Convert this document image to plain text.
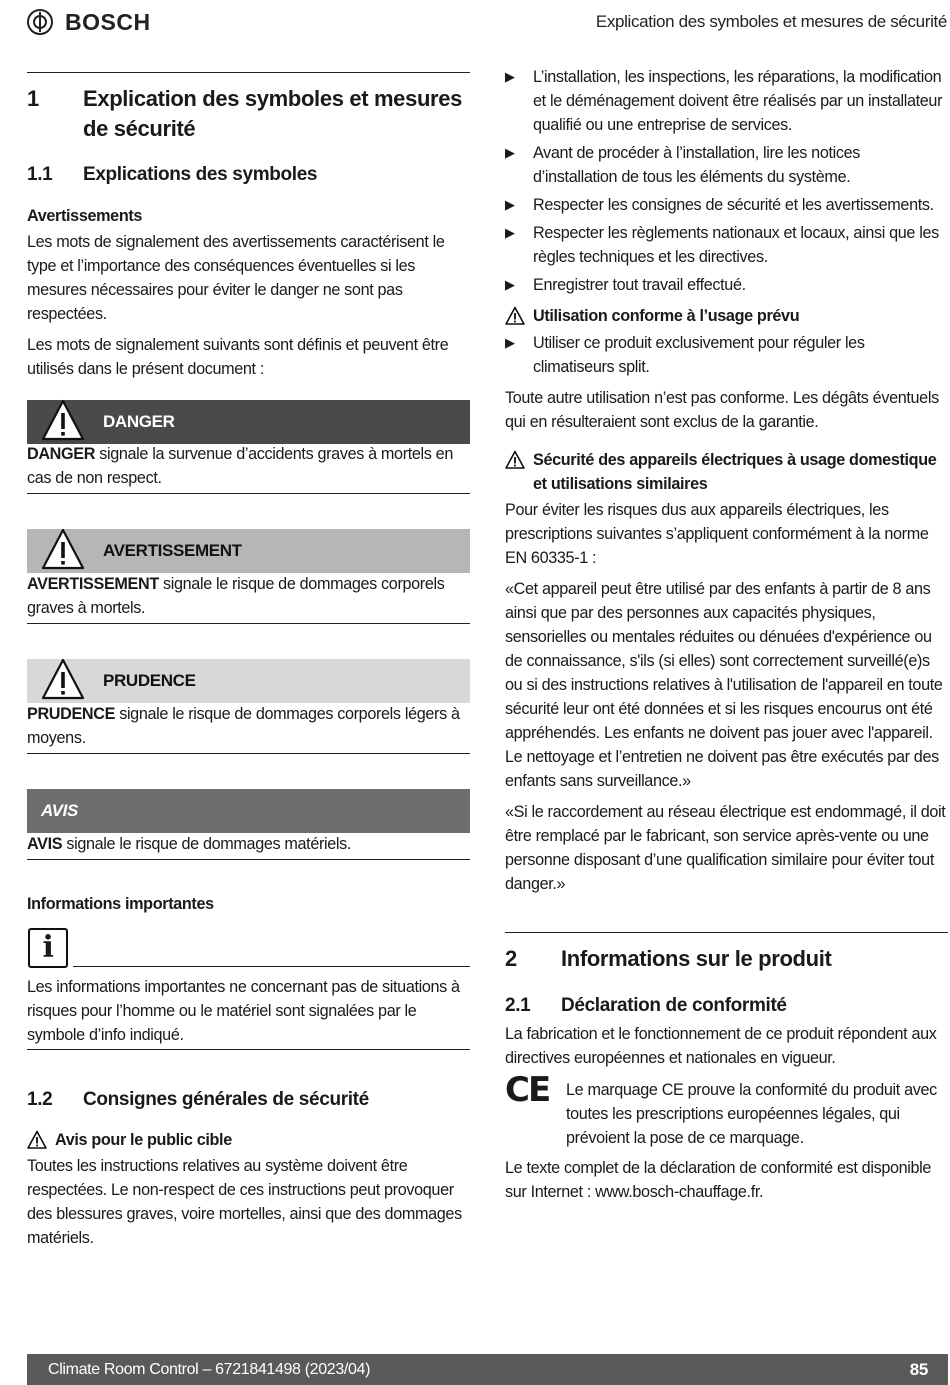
BOSCH	Explication des symboles et mesures de sécurité
1	Explication des symboles et mesures de sécurité
1.1	Explications des symboles
Avertissements

Les mots de signalement des avertissements caractérisent le type et l’importance des conséquences éventuelles si les mesures nécessaires pour éviter le danger ne sont pas respectées.

Les mots de signalement suivants sont définis et peuvent être utilisés dans le présent document :

DANGER

DANGER signale la survenue d’accidents graves à mortels en cas de non respect.

AVERTISSEMENT

AVERTISSEMENT signale le risque de dommages corporels graves à mortels.

PRUDENCE

PRUDENCE signale le risque de dommages corporels légers à moyens.

AVIS

AVIS signale le risque de dommages matériels.

Informations importantes
i

Les informations importantes ne concernant pas de situations à risques pour l’homme ou le matériel sont signalées par le symbole d’info indiqué.

1.2	Consignes générales de sécurité
Avis pour le public cible

Toutes les instructions relatives au système doivent être respectées. Le non-respect de ces instructions peut provoquer des blessures graves, voire mortelles, ainsi que des dommages matériels.

▶	L’installation, les inspections, les réparations, la modification et le déménagement doivent être réalisés par un installateur qualifié ou une entreprise de services.
▶	Avant de procéder à l’installation, lire les notices d’installation de tous les éléments du système.
▶	Respecter les consignes de sécurité et les avertissements.
▶	Respecter les règlements nationaux et locaux, ainsi que les règles techniques et les directives.
▶	Enregistrer tout travail effectué.
Utilisation conforme à l’usage prévu
▶	Utiliser ce produit exclusivement pour réguler les climatiseurs split.

Toute autre utilisation n’est pas conforme. Les dégâts éventuels qui en résulteraient sont exclus de la garantie.

Sécurité des appareils électriques à usage domestique et utilisations similaires

Pour éviter les risques dus aux appareils électriques, les prescriptions suivantes s’appliquent conformément à la norme EN 60335-1 :

«Cet appareil peut être utilisé par des enfants à partir de 8 ans ainsi que par des personnes aux capacités physiques, sensorielles ou mentales réduites ou dénuées d'expérience ou de connaissance, s'ils (si elles) sont correctement surveillé(e)s ou si des instructions relatives à l'utilisation de l'appareil en toute sécurité leur ont été données et si les risques encourus ont été appréhendés. Les enfants ne doivent pas jouer avec l'appareil. Le nettoyage et l’entretien ne doivent pas être exécutés par des enfants sans surveillance.»

«Si le raccordement au réseau électrique est endommagé, il doit être remplacé par le fabricant, son service après-vente ou une personne disposant d’une qualification similaire pour éviter tout danger.»

2	Informations sur le produit
2.1	Déclaration de conformité

La fabrication et le fonctionnement de ce produit répondent aux directives européennes et nationales en vigueur.

CE Le marquage CE prouve la conformité du produit avec toutes les prescriptions européennes légales, qui prévoient la pose de ce marquage.

Le texte complet de la déclaration de conformité est disponible sur Internet : www.bosch-chauffage.fr.

Climate Room Control – 6721841498 (2023/04)	85
